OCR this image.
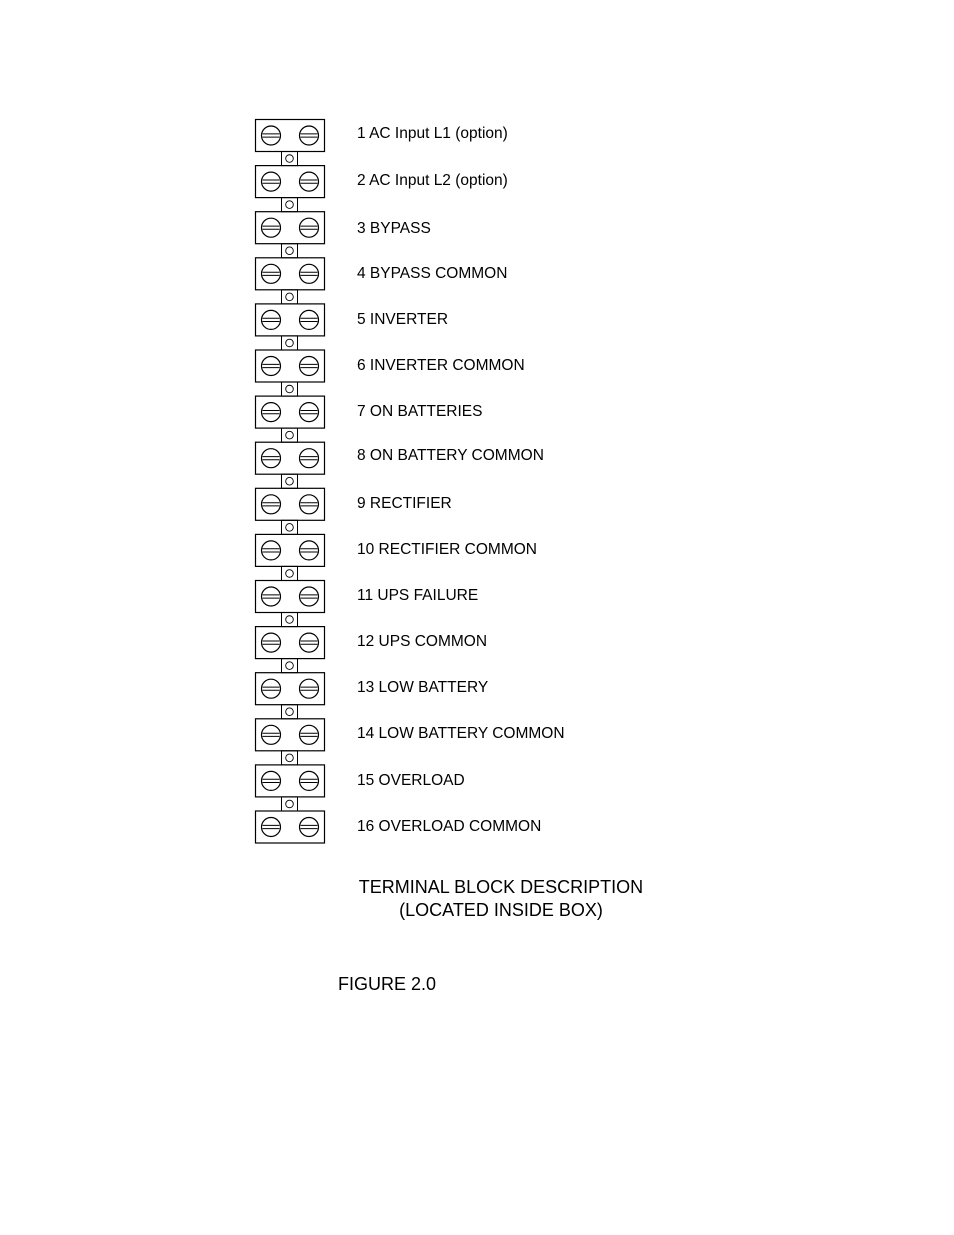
1 AC Input L1 (option)
2 AC Input L2 (option)
3 BYPASS
4 BYPASS COMMON
5 INVERTER
6 INVERTER COMMON
7 ON BATTERIES
8 ON BATTERY COMMON
9 RECTIFIER
10 RECTIFIER COMMON
11 UPS FAILURE
12 UPS COMMON
13 LOW BATTERY
14 LOW BATTERY COMMON
15 OVERLOAD
16 OVERLOAD COMMON
TERMINAL BLOCK DESCRIPTION
(LOCATED INSIDE BOX)
FIGURE 2.0
